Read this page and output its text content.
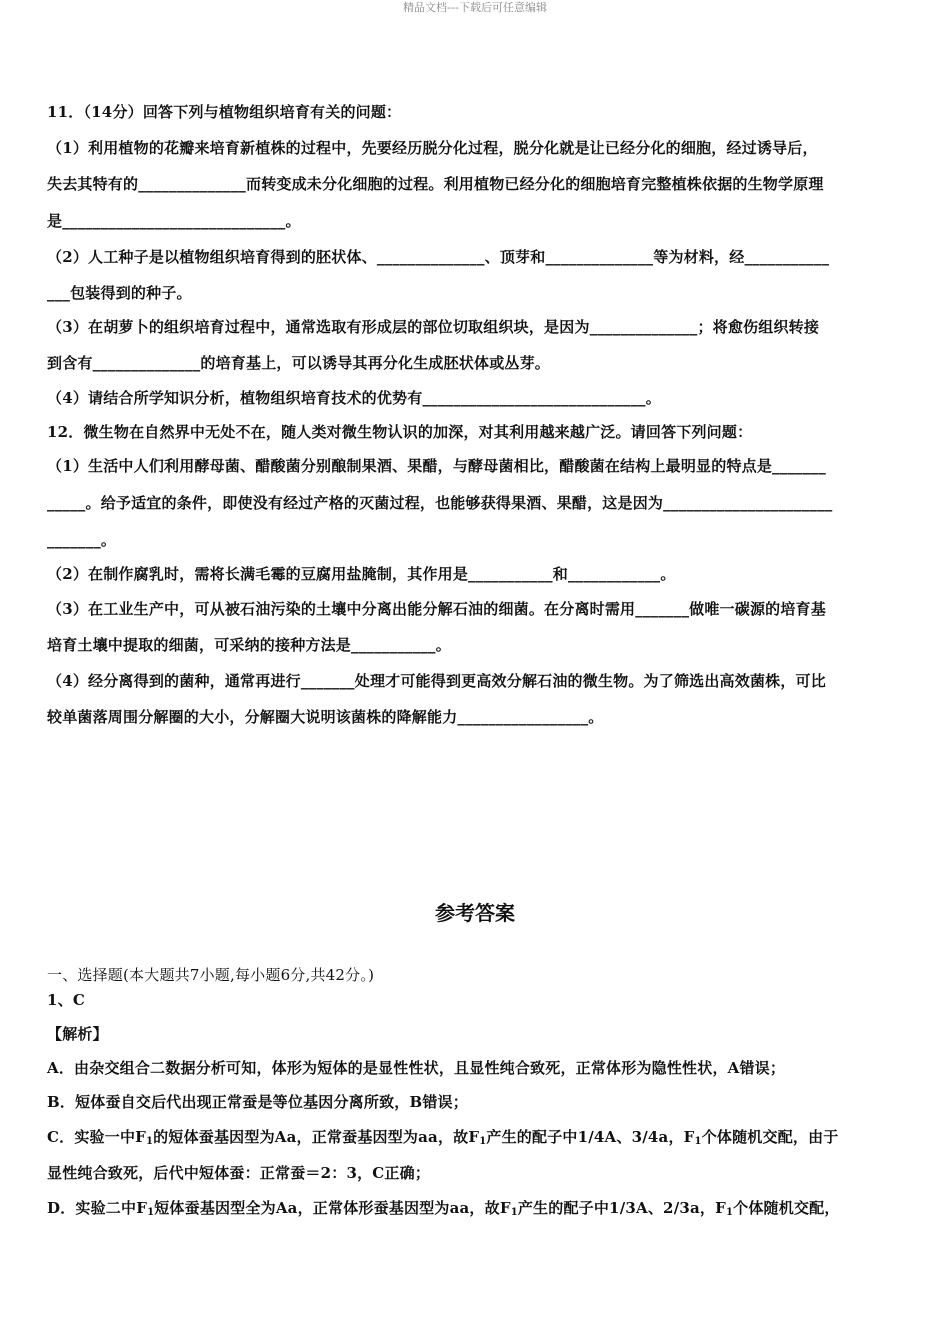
精品文档---下载后可任意编辑
11．（14分）回答下列与植物组织培育有关的问题：
（1）利用植物的花瓣来培育新植株的过程中，先要经历脱分化过程，脱分化就是让已经分化的细胞，经过诱导后，
失去其特有的______________而转变成未分化细胞的过程。利用植物已经分化的细胞培育完整植株依据的生物学原理
是_____________________________。
（2）人工种子是以植物组织培育得到的胚状体、______________、顶芽和______________等为材料，经___________
___包装得到的种子。
（3）在胡萝卜的组织培育过程中，通常选取有形成层的部位切取组织块，是因为______________；将愈伤组织转接
到含有______________的培育基上，可以诱导其再分化生成胚状体或丛芽。
（4）请结合所学知识分析，植物组织培育技术的优势有_____________________________。
12．微生物在自然界中无处不在，随人类对微生物认识的加深，对其利用越来越广泛。请回答下列问题：
（1）生活中人们利用酵母菌、醋酸菌分别酿制果酒、果醋，与酵母菌相比，醋酸菌在结构上最明显的特点是_______
_____。给予适宜的条件，即使没有经过产格的灭菌过程，也能够获得果酒、果醋，这是因为______________________
_______。
（2）在制作腐乳时，需将长满毛霉的豆腐用盐腌制，其作用是___________和____________。
（3）在工业生产中，可从被石油污染的土壤中分离出能分解石油的细菌。在分离时需用_______做唯一碳源的培育基
培育土壤中提取的细菌，可采纳的接种方法是___________。
（4）经分离得到的菌种，通常再进行_______处理才可能得到更高效分解石油的微生物。为了筛选出高效菌株，可比
较单菌落周围分解圈的大小，分解圈大说明该菌株的降解能力_________________。
参考答案
一、选择题(本大题共7小题,每小题6分,共42分。)
1、C
【解析】
A．由杂交组合二数据分析可知，体形为短体的是显性性状，且显性纯合致死，正常体形为隐性性状，A错误；
B．短体蚕自交后代出现正常蚕是等位基因分离所致，B错误；
C．实验一中$F_1$的短体蚕基因型为Aa，正常蚕基因型为aa，故$F_1$产生的配子中1/4A、3/4a，$F_1$个体随机交配，由于
显性纯合致死，后代中短体蚕：正常蚕＝2：3，C正确；
D．实验二中$F_1$短体蚕基因型全为Aa，正常体形蚕基因型为aa，故$F_1$产生的配子中1/3A、2/3a，$F_1$个体随机交配，
